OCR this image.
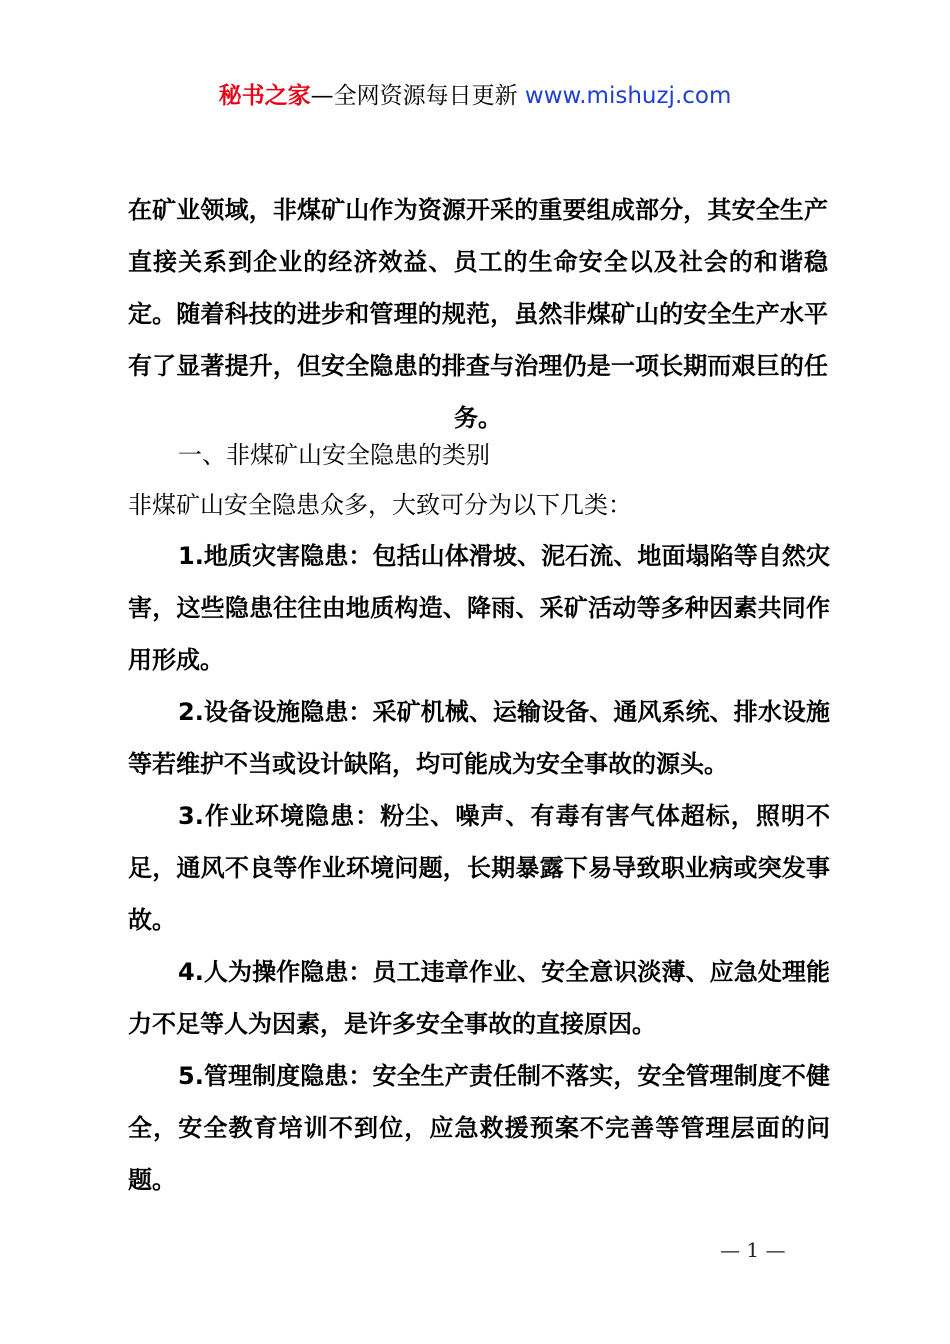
秘书之家—全网资源每日更新 www.mishuzj.com
在矿业领域，非煤矿山作为资源开采的重要组成部分，其安全生产直接关系到企业的经济效益、员工的生命安全以及社会的和谐稳定。随着科技的进步和管理的规范，虽然非煤矿山的安全生产水平有了显著提升，但安全隐患的排查与治理仍是一项长期而艰巨的任务。
一、非煤矿山安全隐患的类别
非煤矿山安全隐患众多，大致可分为以下几类：

1.地质灾害隐患：包括山体滑坡、泥石流、地面塌陷等自然灾害，这些隐患往往由地质构造、降雨、采矿活动等多种因素共同作用形成。

2.设备设施隐患：采矿机械、运输设备、通风系统、排水设施等若维护不当或设计缺陷，均可能成为安全事故的源头。

3.作业环境隐患：粉尘、噪声、有毒有害气体超标，照明不足，通风不良等作业环境问题，长期暴露下易导致职业病或突发事故。

4.人为操作隐患：员工违章作业、安全意识淡薄、应急处理能力不足等人为因素，是许多安全事故的直接原因。

5.管理制度隐患：安全生产责任制不落实，安全管理制度不健全，安全教育培训不到位，应急救援预案不完善等管理层面的问题。

— 1 —
